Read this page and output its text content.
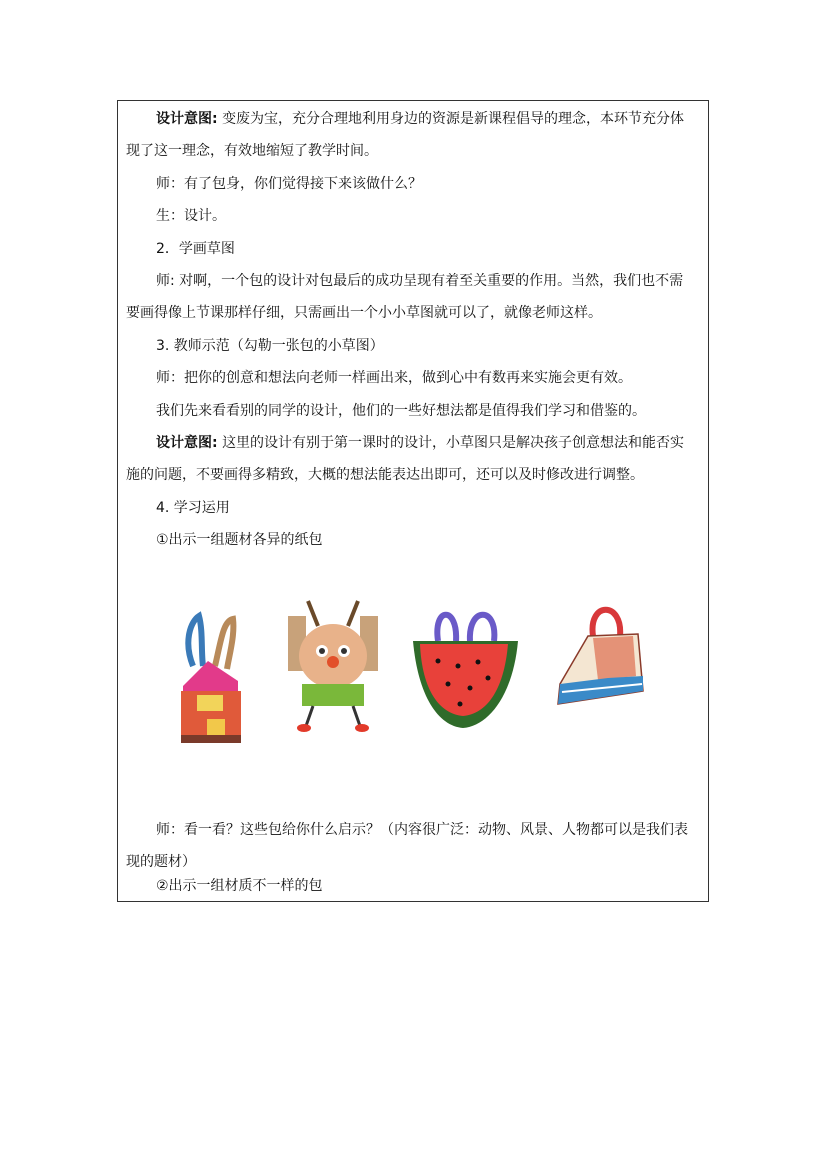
设计意图: 变废为宝，充分合理地利用身边的资源是新课程倡导的理念，本环节充分体
现了这一理念，有效地缩短了教学时间。
师：有了包身，你们觉得接下来该做什么？
生：设计。
2．学画草图
师: 对啊，一个包的设计对包最后的成功呈现有着至关重要的作用。当然，我们也不需
要画得像上节课那样仔细，只需画出一个小小草图就可以了，就像老师这样。
3. 教师示范（勾勒一张包的小草图）
师：把你的创意和想法向老师一样画出来，做到心中有数再来实施会更有效。
我们先来看看别的同学的设计，他们的一些好想法都是值得我们学习和借鉴的。
设计意图: 这里的设计有别于第一课时的设计，小草图只是解决孩子创意想法和能否实
施的问题，不要画得多精致，大概的想法能表达出即可，还可以及时修改进行调整。
4. 学习运用
①出示一组题材各异的纸包
师：看一看？这些包给你什么启示？（内容很广泛：动物、风景、人物都可以是我们表
现的题材）
②出示一组材质不一样的包
